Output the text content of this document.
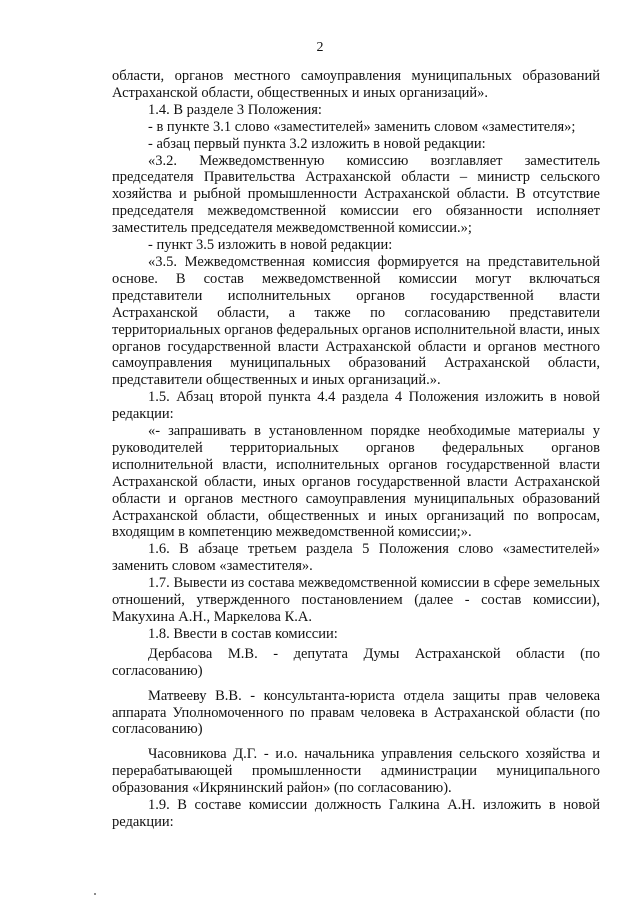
2

области, органов местного самоуправления муниципальных образований Астраханской области, общественных и иных организаций».

1.4. В разделе 3 Положения:

- в пункте 3.1 слово «заместителей» заменить словом «заместителя»;

- абзац первый пункта 3.2 изложить в новой редакции:

«3.2. Межведомственную комиссию возглавляет заместитель председателя Правительства Астраханской области – министр сельского хозяйства и рыбной промышленности Астраханской области. В отсутствие председателя межведомственной комиссии его обязанности исполняет заместитель председателя межведомственной комиссии.»;

- пункт 3.5 изложить в новой редакции:

«3.5. Межведомственная комиссия формируется на представительной основе. В состав межведомственной комиссии могут включаться представители исполнительных органов государственной власти Астраханской области, а также по согласованию представители территориальных органов федеральных органов исполнительной власти, иных органов государственной власти Астраханской области и органов местного самоуправления муниципальных образований Астраханской области, представители общественных и иных организаций.».

1.5. Абзац второй пункта 4.4 раздела 4 Положения изложить в новой редакции:

«- запрашивать в установленном порядке необходимые материалы у руководителей территориальных органов федеральных органов исполнительной власти, исполнительных органов государственной власти Астраханской области, иных органов государственной власти Астраханской области и органов местного самоуправления муниципальных образований Астраханской области, общественных и иных организаций по вопросам, входящим в компетенцию межведомственной комиссии;».

1.6. В абзаце третьем раздела 5 Положения слово «заместителей» заменить словом «заместителя».

1.7. Вывести из состава межведомственной комиссии в сфере земельных отношений, утвержденного постановлением (далее - состав комиссии), Макухина А.Н., Маркелова К.А.

1.8. Ввести в состав комиссии:

Дербасова М.В. - депутата Думы Астраханской области (по согласованию)

Матвееву В.В. - консультанта-юриста отдела защиты прав человека аппарата Уполномоченного по правам человека в Астраханской области (по согласованию)

Часовникова Д.Г. - и.о. начальника управления сельского хозяйства и перерабатывающей промышленности администрации муниципального образования «Икрянинский район» (по согласованию).

1.9. В составе комиссии должность Галкина А.Н. изложить в новой редакции:
